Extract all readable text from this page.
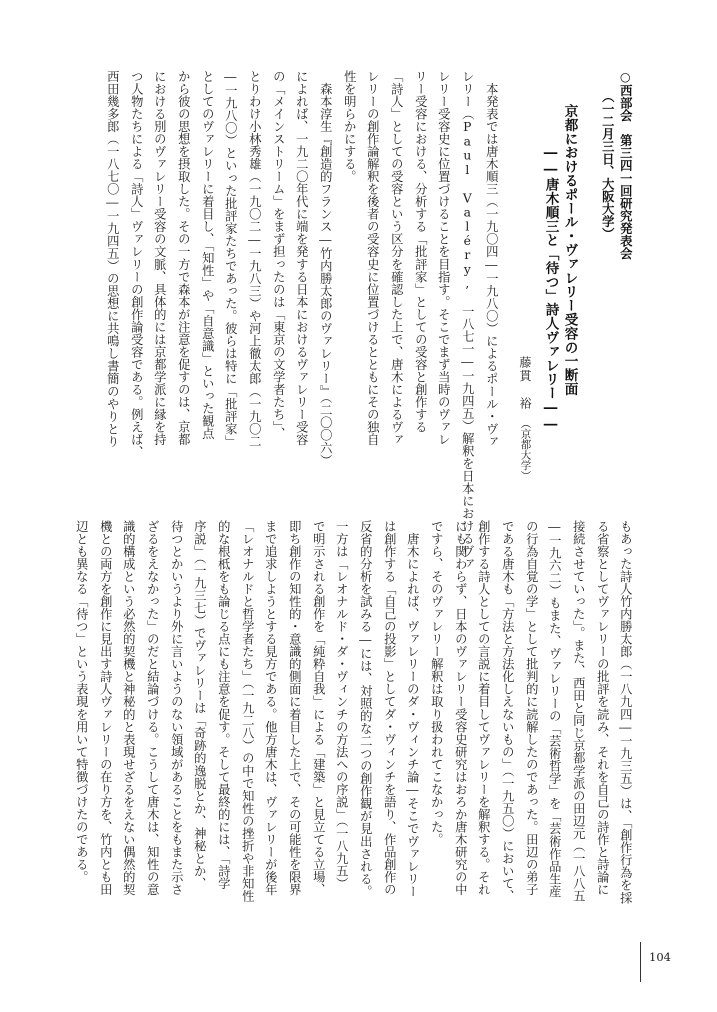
○西部会　第三四一回研究発表会
（一二月三日、大阪大学）
京都におけるポール・ヴァレリー受容の一断面
――唐木順三と「待つ」詩人ヴァレリー――
藤貫　裕
（京都大学）
　本発表では唐木順三（一九〇四―一九八〇）によるポール・ヴァ
レリー（Paul Valéry, 一八七一―一九四五）解釈を日本におけるヴァ
レリー受容史に位置づけることを目指す。そこでまず当時のヴァレ
リー受容における、分析する「批評家」としての受容と創作する
「詩人」としての受容という区分を確認した上で、唐木によるヴァ
レリーの創作論解釈を後者の受容史に位置づけるとともにその独自
性を明らかにする。
　森本淳生『創造的フランス―竹内勝太郎のヴァレリー』（二〇〇六）
によれば、一九二〇年代に端を発する日本におけるヴァレリー受容
の「メインストリーム」をまず担ったのは「東京の文学者たち」、
とりわけ小林秀雄（一九〇二―一九八三）や河上徹太郎（一九〇二
―一九八〇）といった批評家たちであった。彼らは特に「批評家」
としてのヴァレリーに着目し、「知性」や「自意識」といった観点
から彼の思想を摂取した。その一方で森本が注意を促すのは、京都
における別のヴァレリー受容の文脈、具体的には京都学派に縁を持
つ人物たちによる「詩人」ヴァレリーの創作論受容である。例えば、
西田幾多郎（一八七〇―一九四五）の思想に共鳴し書簡のやりとり
もあった詩人竹内勝太郎（一八九四―一九三五）は、「創作行為を採
る省察としてヴァレリーの批評を読み、それを自己の詩作と詩論に
接続させていった」。また、西田と同じ京都学派の田辺元（一八八五
―一九六二）もまた、ヴァレリーの「芸術哲学」を「芸術作品生産
の行為自覚の学」として批判的に読解したのであった。田辺の弟子
である唐木も「方法と方法化しえないもの」（一九五〇）において、
創作する詩人としての言説に着目してヴァレリーを解釈する。それ
にも関わらず、日本のヴァレリー受容史研究はおろか唐木研究の中
ですら、そのヴァレリー解釈は取り扱われてこなかった。
　唐木によれば、ヴァレリーのダ・ヴィンチ論―そこでヴァレリー
は創作する「自己の投影」としてダ・ヴィンチを語り、作品創作の
反省的分析を試みる―には、対照的な二つの創作観が見出される。
一方は「レオナルド・ダ・ヴィンチの方法への序説」（一八九五）
で明示される創作を「純粋自我」による「建築」と見立てる立場、
即ち創作の知性的・意識的側面に着目した上で、その可能性を限界
まで追求しようとする見方である。他方唐木は、ヴァレリーが後年
「レオナルドと哲学者たち」（一九二八）の中で知性の挫折や非知性
的な根柢をも論じる点にも注意を促す。そして最終的には、「詩学
序説」（一九三七）でヴァレリーは「奇跡的逸脱とか、神秘とか、
待つとかいうより外に言いようのない領域があることをもまた示さ
ざるをえなかった」のだと結論づける。こうして唐木は、知性の意
識的構成という必然的契機と神秘的と表現せざるをえない偶然的契
機との両方を創作に見出す詩人ヴァレリーの在り方を、竹内とも田
辺とも異なる「待つ」という表現を用いて特徴づけたのである。
104
